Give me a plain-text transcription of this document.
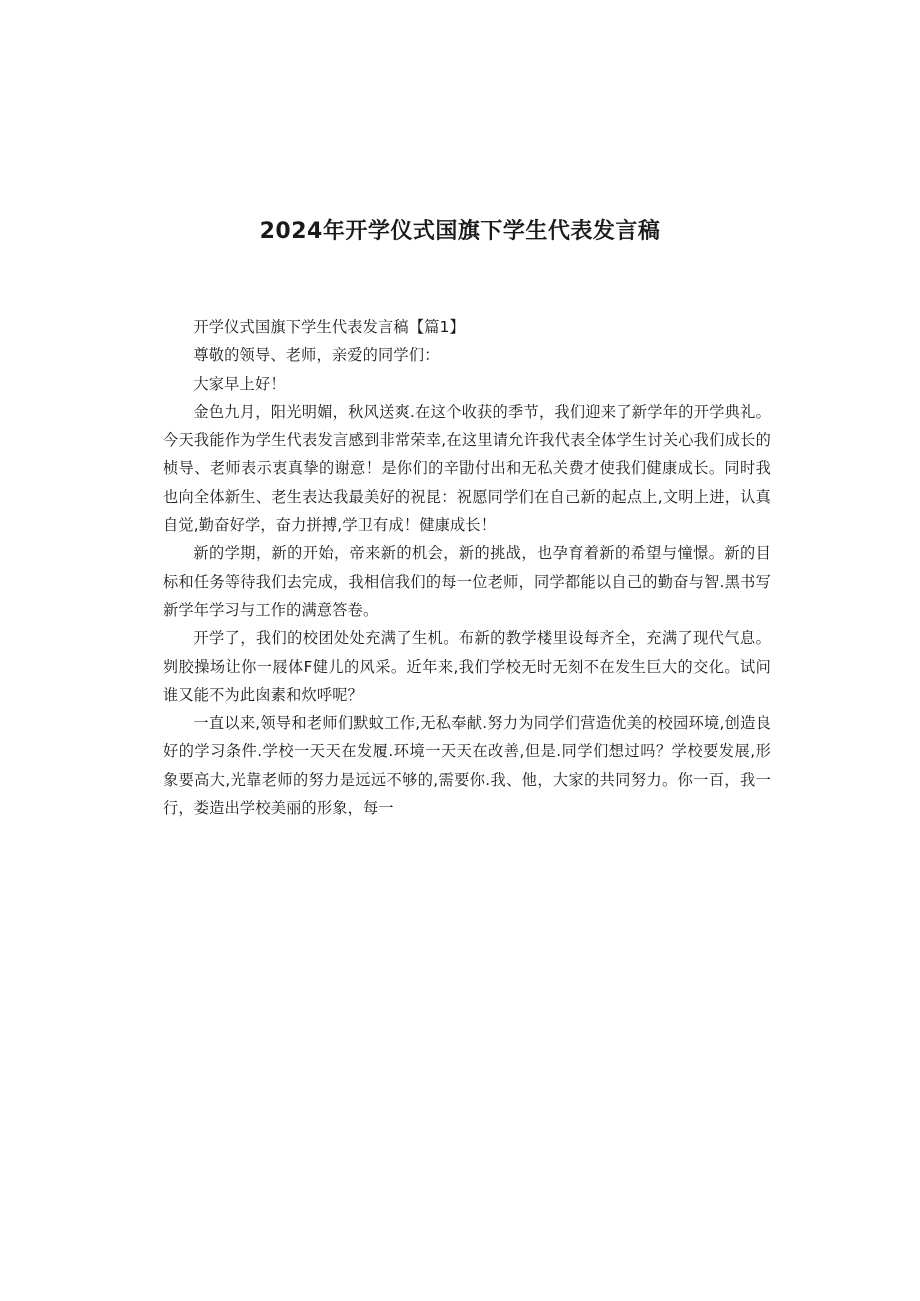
2024年开学仪式国旗下学生代表发言稿

开学仪式国旗下学生代表发言稿【篇1】

尊敬的领导、老师，亲爱的同学们：

大家早上好！

金色九月，阳光明媚，秋风送爽.在这个收获的季节，我们迎来了新学年的开学典礼。今天我能作为学生代表发言感到非常荣幸,在这里请允许我代表全体学生讨关心我们成长的桢导、老师表示衷真挚的谢意！是你们的辛勖付出和无私关费才使我们健康成长。同时我也向全体新生、老生表达我最美好的祝昆：祝愿同学们在自己新的起点上,文明上进，认真自觉,勤奋好学，奋力拼搏,学卫有成！健康成长！

新的学期，新的开始，帝来新的机会，新的挑战，也孕育着新的希望与憧憬。新的目标和任务等待我们去完成，我相信我们的每一位老师，同学都能以自己的勤奋与智.黑书写新学年学习与工作的满意答卷。

开学了，我们的校团处处充满了生机。布新的教学楼里设每齐全，充满了现代气息。刿胶操场让你一屐体F健儿的风采。近年来,我们学校无时无刻不在发生巨大的交化。试问谁又能不为此囱素和炊呼呢？

一直以来,领导和老师们默蚊工作,无私奉献.努力为同学们营造优美的校园环境,创造良好的学习条件.学校一天天在发履.环境一天天在改善,但是.同学们想过吗？学校要发展,形象要高大,光靠老师的努力是远远不够的,需要你.我、他，大家的共同努力。你一百，我一行，娄造出学校美丽的形象，每一
